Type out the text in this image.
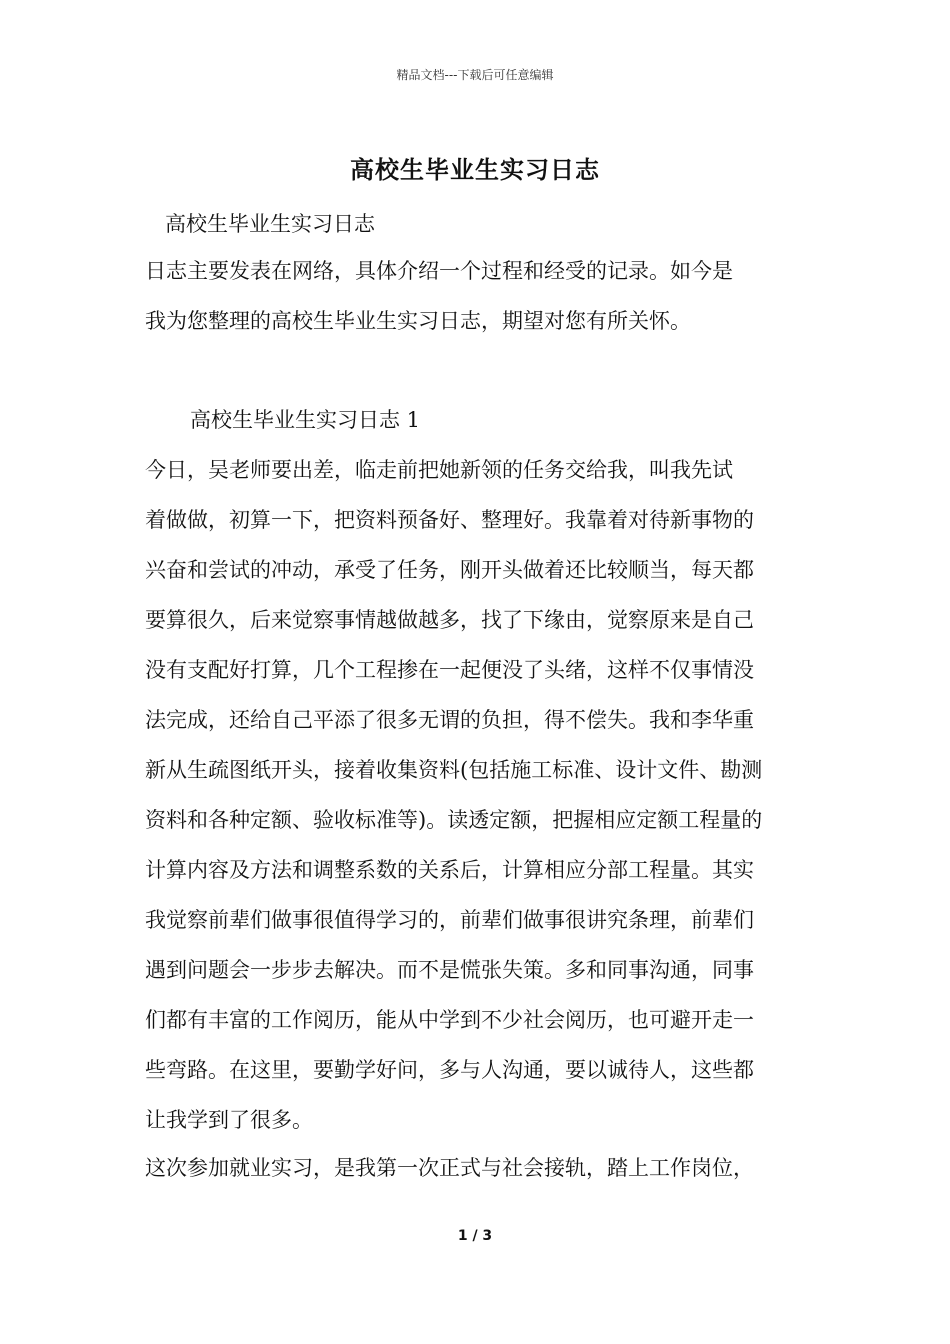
精品文档---下载后可任意编辑
高校生毕业生实习日志
高校生毕业生实习日志
日志主要发表在网络，具体介绍一个过程和经受的记录。如今是
我为您整理的高校生毕业生实习日志，期望对您有所关怀。
高校生毕业生实习日志 1
今日，吴老师要出差，临走前把她新领的任务交给我，叫我先试
着做做，初算一下，把资料预备好、整理好。我靠着对待新事物的
兴奋和尝试的冲动，承受了任务，刚开头做着还比较顺当，每天都
要算很久，后来觉察事情越做越多，找了下缘由，觉察原来是自己
没有支配好打算，几个工程掺在一起便没了头绪，这样不仅事情没
法完成，还给自己平添了很多无谓的负担，得不偿失。我和李华重
新从生疏图纸开头，接着收集资料(包括施工标准、设计文件、勘测
资料和各种定额、验收标准等)。读透定额，把握相应定额工程量的
计算内容及方法和调整系数的关系后，计算相应分部工程量。其实
我觉察前辈们做事很值得学习的，前辈们做事很讲究条理，前辈们
遇到问题会一步步去解决。而不是慌张失策。多和同事沟通，同事
们都有丰富的工作阅历，能从中学到不少社会阅历，也可避开走一
些弯路。在这里，要勤学好问，多与人沟通，要以诚待人，这些都
让我学到了很多。
这次参加就业实习，是我第一次正式与社会接轨，踏上工作岗位，
1 / 3
